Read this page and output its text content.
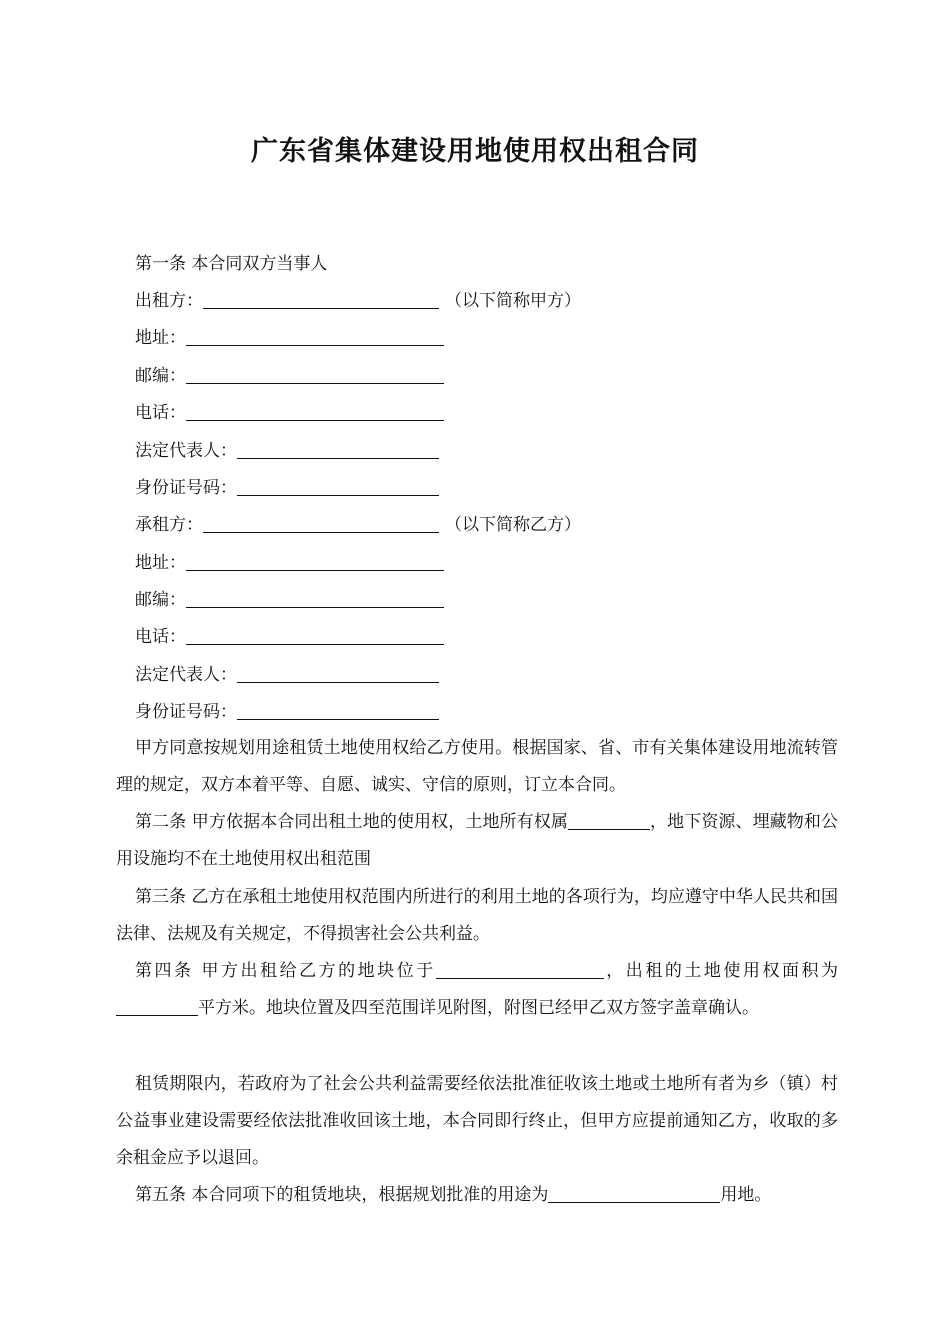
广东省集体建设用地使用权出租合同
第一条 本合同双方当事人
出租方：	（以下简称甲方）
地址：
邮编：
电话：
法定代表人：
身份证号码：
承租方：	（以下简称乙方）
地址：
邮编：
电话：
法定代表人：
身份证号码：

甲方同意按规划用途租赁土地使用权给乙方使用。根据国家、省、市有关集体建设用地流转管理的规定，双方本着平等、自愿、诚实、守信的原则，订立本合同。

第二条 甲方依据本合同出租土地的使用权，土地所有权属	，地下资源、埋藏物和公用设施均不在土地使用权出租范围

第三条 乙方在承租土地使用权范围内所进行的利用土地的各项行为，均应遵守中华人民共和国法律、法规及有关规定，不得损害社会公共利益。

第四条 甲方出租给乙方的地块位于	，出租的土地使用权面积为平方米。地块位置及四至范围详见附图，附图已经甲乙双方签字盖章确认。

租赁期限内，若政府为了社会公共利益需要经依法批准征收该土地或土地所有者为乡（镇）村公益事业建设需要经依法批准收回该土地，本合同即行终止，但甲方应提前通知乙方，收取的多余租金应予以退回。

第五条 本合同项下的租赁地块，根据规划批准的用途为	用地。
